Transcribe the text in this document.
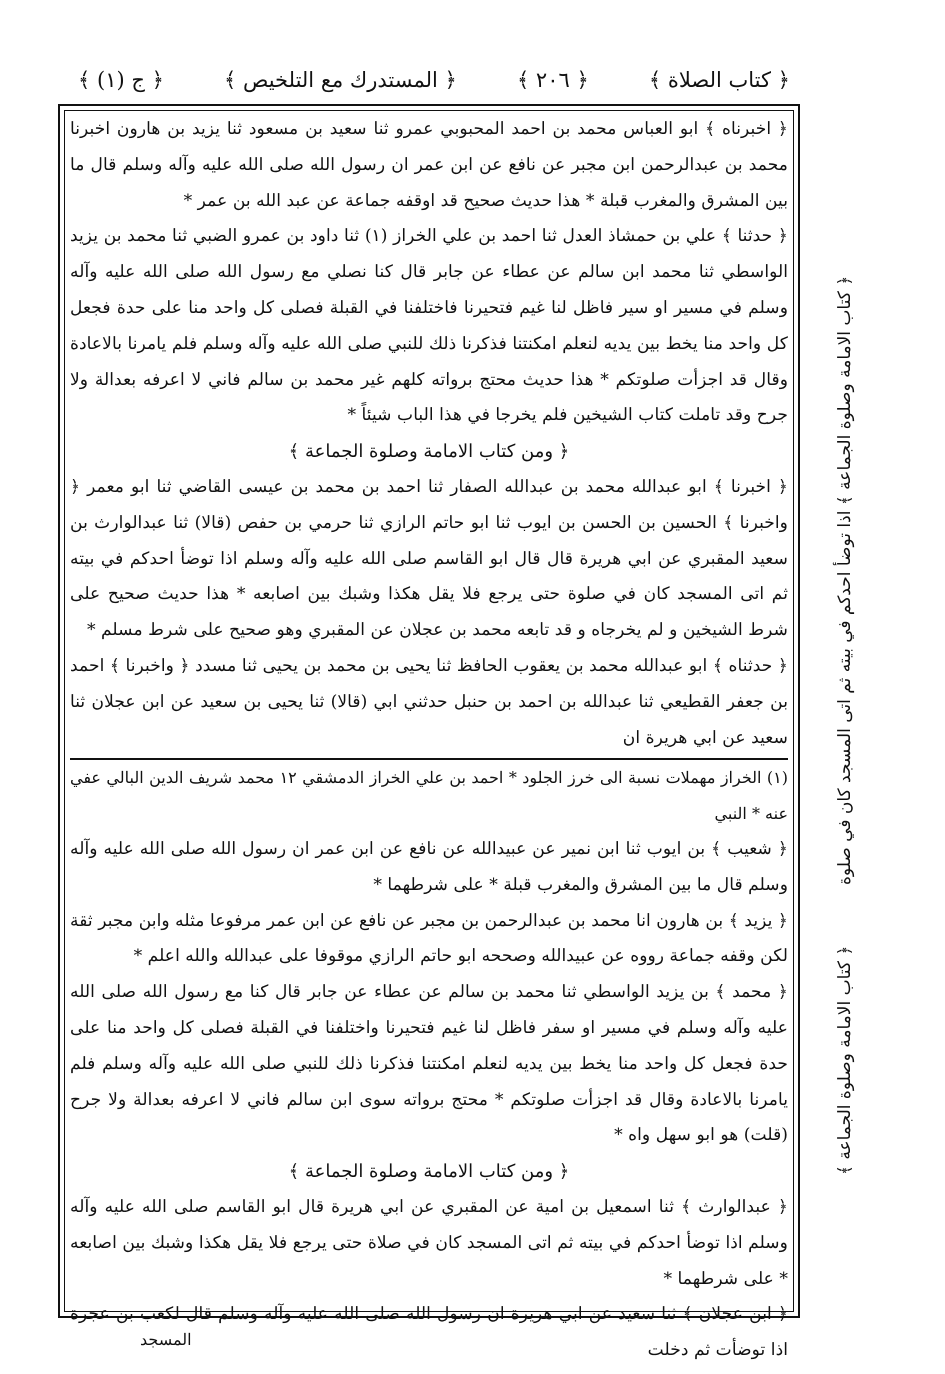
﴿ ج (١) ﴾	﴿ المستدرك مع التلخيص ﴾	﴿ ٢٠٦ ﴾	﴿ كتاب الصلاة ﴾

﴿ اخبرناه ﴾ ابو العباس محمد بن احمد المحبوبي عمرو ثنا سعيد بن مسعود ثنا يزيد بن هارون اخبرنا محمد بن عبدالرحمن ابن مجبر عن نافع عن ابن عمر ان رسول الله صلى الله عليه وآله وسلم قال ما بين المشرق والمغرب قبلة * هذا حديث صحيح قد اوقفه جماعة عن عبد الله بن عمر *

﴿ حدثنا ﴾ علي بن حمشاذ العدل ثنا احمد بن علي الخراز (١) ثنا داود بن عمرو الضبي ثنا محمد بن يزيد الواسطي ثنا محمد ابن سالم عن عطاء عن جابر قال كنا نصلي مع رسول الله صلى الله عليه وآله وسلم في مسير او سير فاظل لنا غيم فتحيرنا فاختلفنا في القبلة فصلى كل واحد منا على حدة فجعل كل واحد منا يخط بين يديه لنعلم امكنتنا فذكرنا ذلك للنبي صلى الله عليه وآله وسلم فلم يامرنا بالاعادة وقال قد اجزأت صلوتكم * هذا حديث محتج برواته كلهم غير محمد بن سالم فاني لا اعرفه بعدالة ولا جرح وقد تاملت كتاب الشيخين فلم يخرجا في هذا الباب شيئاً *

﴿ ومن كتاب الامامة وصلوة الجماعة ﴾

﴿ اخبرنا ﴾ ابو عبدالله محمد بن عبدالله الصفار ثنا احمد بن محمد بن عيسى القاضي ثنا ابو معمر ﴿ واخبرنا ﴾ الحسين بن الحسن بن ايوب ثنا ابو حاتم الرازي ثنا حرمي بن حفص (قالا) ثنا عبدالوارث بن سعيد المقبري عن ابي هريرة قال قال ابو القاسم صلى الله عليه وآله وسلم اذا توضأ احدكم في بيته ثم اتى المسجد كان في صلوة حتى يرجع فلا يقل هكذا وشبك بين اصابعه * هذا حديث صحيح على شرط الشيخين و لم يخرجاه و قد تابعه محمد بن عجلان عن المقبري وهو صحيح على شرط مسلم *

﴿ حدثناه ﴾ ابو عبدالله محمد بن يعقوب الحافظ ثنا يحيى بن محمد بن يحيى ثنا مسدد ﴿ واخبرنا ﴾ احمد بن جعفر القطيعي ثنا عبدالله بن احمد بن حنبل حدثني ابي (قالا) ثنا يحيى بن سعيد عن ابن عجلان ثنا سعيد عن ابي هريرة ان

(١) الخراز مهملات نسبة الى خرز الجلود * احمد بن علي الخراز الدمشقي ١٢ محمد شريف الدين البالي عفي عنه * النبي

﴿ شعيب ﴾ بن ايوب ثنا ابن نمير عن عبيدالله عن نافع عن ابن عمر ان رسول الله صلى الله عليه وآله وسلم قال ما بين المشرق والمغرب قبلة * على شرطهما *

﴿ يزيد ﴾ بن هارون انا محمد بن عبدالرحمن بن مجبر عن نافع عن ابن عمر مرفوعا مثله وابن مجبر ثقة لكن وقفه جماعة رووه عن عبيدالله وصححه ابو حاتم الرازي موقوفا على عبدالله والله اعلم *

﴿ محمد ﴾ بن يزيد الواسطي ثنا محمد بن سالم عن عطاء عن جابر قال كنا مع رسول الله صلى الله عليه وآله وسلم في مسير او سفر فاظل لنا غيم فتحيرنا واختلفنا في القبلة فصلى كل واحد منا على حدة فجعل كل واحد منا يخط بين يديه لنعلم امكنتنا فذكرنا ذلك للنبي صلى الله عليه وآله وسلم فلم يامرنا بالاعادة وقال قد اجزأت صلوتكم * محتج برواته سوى ابن سالم فاني لا اعرفه بعدالة ولا جرح (قلت) هو ابو سهل واه *

﴿ ومن كتاب الامامة وصلوة الجماعة ﴾

﴿ عبدالوارث ﴾ ثنا اسمعيل بن امية عن المقبري عن ابي هريرة قال ابو القاسم صلى الله عليه وآله وسلم اذا توضأ احدكم في بيته ثم اتى المسجد كان في صلاة حتى يرجع فلا يقل هكذا وشبك بين اصابعه * على شرطهما *

﴿ ابن عجلان ﴾ ثنا سعيد عن ابي هريرة ان رسول الله صلى الله عليه وآله وسلم قال لكعب بن عجرة اذا توضأت ثم دخلت

﴿ كتاب الامامة وصلوة الجماعة ﴾ اذا توضأ احدكم في بيته ثم اتى المسجد كان في صلوة
﴿ كتاب الامامة وصلوة الجماعة ﴾
المسجد
